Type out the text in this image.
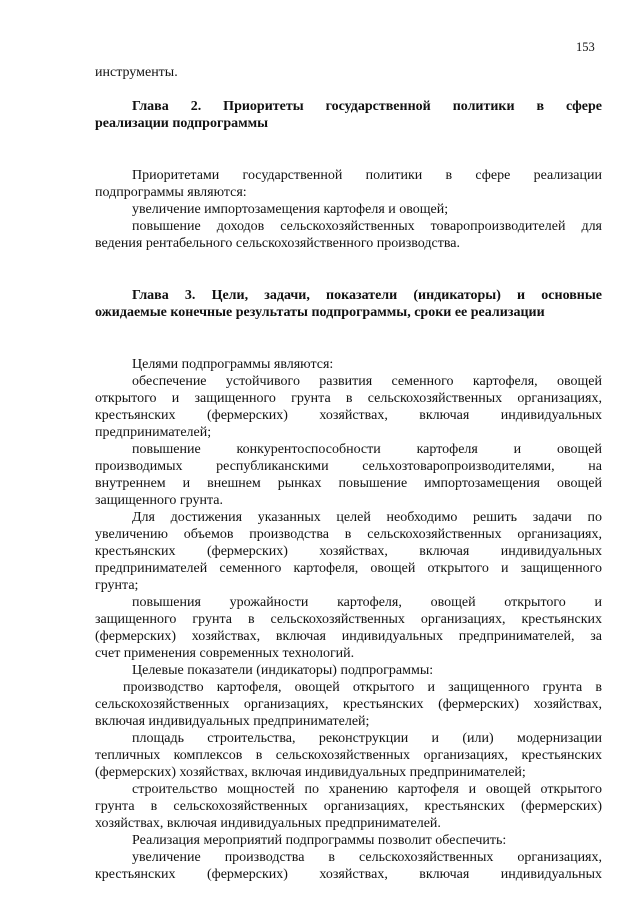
153
инструменты.
Глава 2. Приоритеты государственной политики в сфере
реализации подпрограммы
Приоритетами государственной политики в сфере реализации
подпрограммы являются:
увеличение импортозамещения картофеля и овощей;
повышение доходов сельскохозяйственных товаропроизводителей для
ведения рентабельного сельскохозяйственного производства.
Глава 3. Цели, задачи, показатели (индикаторы) и основные
ожидаемые конечные результаты подпрограммы, сроки ее реализации
Целями подпрограммы являются:
обеспечение устойчивого развития семенного картофеля, овощей
открытого и защищенного грунта в сельскохозяйственных организациях,
крестьянских (фермерских) хозяйствах, включая индивидуальных
предпринимателей;
повышение конкурентоспособности картофеля и овощей
производимых республиканскими сельхозтоваропроизводителями, на
внутреннем и внешнем рынках повышение импортозамещения овощей
защищенного грунта.
Для достижения указанных целей необходимо решить задачи по
увеличению объемов производства в сельскохозяйственных организациях,
крестьянских (фермерских) хозяйствах, включая индивидуальных
предпринимателей семенного картофеля, овощей открытого и защищенного
грунта;
повышения урожайности картофеля, овощей открытого и
защищенного грунта в сельскохозяйственных организациях, крестьянских
(фермерских) хозяйствах, включая индивидуальных предпринимателей, за
счет применения современных технологий.
Целевые показатели (индикаторы) подпрограммы:
производство картофеля, овощей открытого и защищенного грунта в
сельскохозяйственных организациях, крестьянских (фермерских) хозяйствах,
включая индивидуальных предпринимателей;
площадь строительства, реконструкции и (или) модернизации
тепличных комплексов в сельскохозяйственных организациях, крестьянских
(фермерских) хозяйствах, включая индивидуальных предпринимателей;
строительство мощностей по хранению картофеля и овощей открытого
грунта в сельскохозяйственных организациях, крестьянских (фермерских)
хозяйствах, включая индивидуальных предпринимателей.
Реализация мероприятий подпрограммы позволит обеспечить:
увеличение производства в сельскохозяйственных организациях,
крестьянских (фермерских) хозяйствах, включая индивидуальных
